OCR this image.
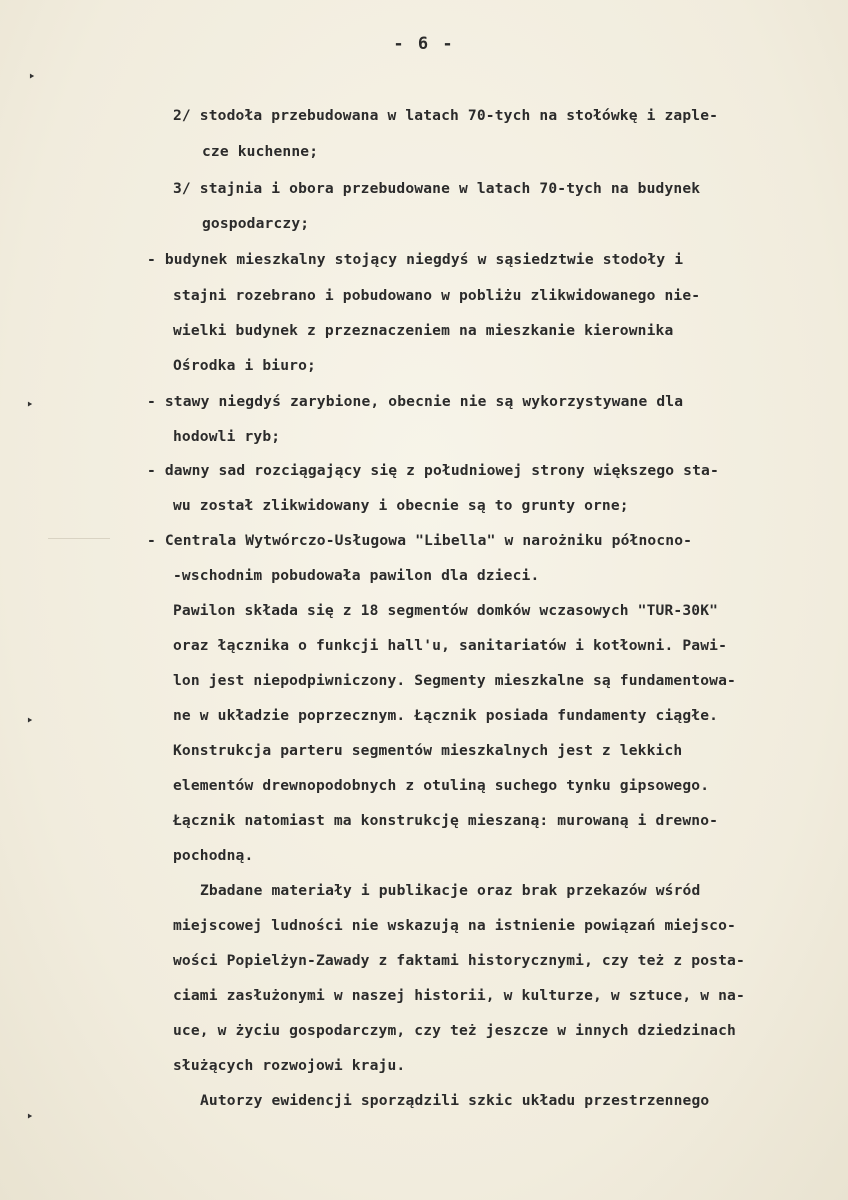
- 6 -
‣
‣
‣
‣
2/ stodoła przebudowana w latach 70-tych na stołówkę i zaple-
cze kuchenne;
3/ stajnia i obora przebudowane w latach 70-tych na budynek
gospodarczy;
- budynek mieszkalny stojący niegdyś w sąsiedztwie stodoły i
stajni rozebrano i pobudowano w pobliżu zlikwidowanego nie-
wielki budynek z przeznaczeniem na mieszkanie kierownika
Ośrodka i biuro;
- stawy niegdyś zarybione, obecnie nie są wykorzystywane dla
hodowli ryb;
- dawny sad rozciągający się z południowej strony większego sta-
wu został zlikwidowany i obecnie są to grunty orne;
- Centrala Wytwórczo-Usługowa "Libella" w narożniku północno-
-wschodnim pobudowała pawilon dla dzieci.
Pawilon składa się z 18 segmentów domków wczasowych "TUR-30K"
oraz łącznika o funkcji hall'u, sanitariatów i kotłowni. Pawi-
lon jest niepodpiwniczony. Segmenty mieszkalne są fundamentowa-
ne w układzie poprzecznym. Łącznik posiada fundamenty ciągłe.
Konstrukcja parteru segmentów mieszkalnych jest z lekkich
elementów drewnopodobnych z otuliną suchego tynku gipsowego.
Łącznik natomiast ma konstrukcję mieszaną: murowaną i drewno-
pochodną.
Zbadane materiały i publikacje oraz brak przekazów wśród
miejscowej ludności nie wskazują na istnienie powiązań miejsco-
wości Popielżyn-Zawady z faktami historycznymi, czy też z posta-
ciami zasłużonymi w naszej historii, w kulturze, w sztuce, w na-
uce, w życiu gospodarczym, czy też jeszcze w innych dziedzinach
służących rozwojowi kraju.
Autorzy ewidencji sporządzili szkic układu przestrzennego
